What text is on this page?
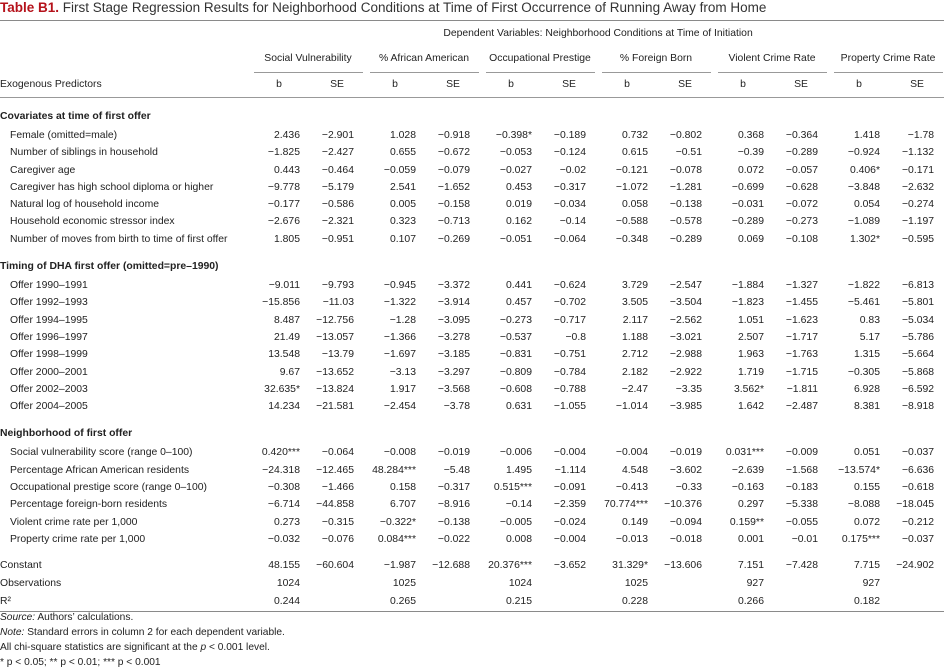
Table B1. First Stage Regression Results for Neighborhood Conditions at Time of First Occurrence of Running Away from Home
	Dependent Variables: Neighborhood Conditions at Time of Initiation											
	Social Vulnerability		% African American		Occupational Prestige		% Foreign Born		Violent Crime Rate		Property Crime Rate	
Exogenous Predictors	b	SE	b	SE	b	SE	b	SE	b	SE	b	SE

Covariates at time of first offer												
Female (omitted=male)	2.436	−2.901	1.028	−0.918	−0.398*	−0.189	0.732	−0.802	0.368	−0.364	1.418	−1.78
Number of siblings in household	−1.825	−2.427	0.655	−0.672	−0.053	−0.124	0.615	−0.51	−0.39	−0.289	−0.924	−1.132
Caregiver age	0.443	−0.464	−0.059	−0.079	−0.027	−0.02	−0.121	−0.078	0.072	−0.057	0.406*	−0.171
Caregiver has high school diploma or higher	−9.778	−5.179	2.541	−1.652	0.453	−0.317	−1.072	−1.281	−0.699	−0.628	−3.848	−2.632
Natural log of household income	−0.177	−0.586	0.005	−0.158	0.019	−0.034	0.058	−0.138	−0.031	−0.072	0.054	−0.274
Household economic stressor index	−2.676	−2.321	0.323	−0.713	0.162	−0.14	−0.588	−0.578	−0.289	−0.273	−1.089	−1.197
Number of moves from birth to time of first offer	1.805	−0.951	0.107	−0.269	−0.051	−0.064	−0.348	−0.289	0.069	−0.108	1.302*	−0.595

Timing of DHA first offer (omitted=pre–1990)												
Offer 1990–1991	−9.011	−9.793	−0.945	−3.372	0.441	−0.624	3.729	−2.547	−1.884	−1.327	−1.822	−6.813
Offer 1992–1993	−15.856	−11.03	−1.322	−3.914	0.457	−0.702	3.505	−3.504	−1.823	−1.455	−5.461	−5.801
Offer 1994–1995	8.487	−12.756	−1.28	−3.095	−0.273	−0.717	2.117	−2.562	1.051	−1.623	0.83	−5.034
Offer 1996–1997	21.49	−13.057	−1.366	−3.278	−0.537	−0.8	1.188	−3.021	2.507	−1.717	5.17	−5.786
Offer 1998–1999	13.548	−13.79	−1.697	−3.185	−0.831	−0.751	2.712	−2.988	1.963	−1.763	1.315	−5.664
Offer 2000–2001	9.67	−13.652	−3.13	−3.297	−0.809	−0.784	2.182	−2.922	1.719	−1.715	−0.305	−5.868
Offer 2002–2003	32.635*	−13.824	1.917	−3.568	−0.608	−0.788	−2.47	−3.35	3.562*	−1.811	6.928	−6.592
Offer 2004–2005	14.234	−21.581	−2.454	−3.78	0.631	−1.055	−1.014	−3.985	1.642	−2.487	8.381	−8.918

Neighborhood of first offer												
Social vulnerability score (range 0–100)	0.420***	−0.064	−0.008	−0.019	−0.006	−0.004	−0.004	−0.019	0.031***	−0.009	0.051	−0.037
Percentage African American residents	−24.318	−12.465	48.284***	−5.48	1.495	−1.114	4.548	−3.602	−2.639	−1.568	−13.574*	−6.636
Occupational prestige score (range 0–100)	−0.308	−1.466	0.158	−0.317	0.515***	−0.091	−0.413	−0.33	−0.163	−0.183	0.155	−0.618
Percentage foreign-born residents	−6.714	−44.858	6.707	−8.916	−0.14	−2.359	70.774***	−10.376	0.297	−5.338	−8.088	−18.045
Violent crime rate per 1,000	0.273	−0.315	−0.322*	−0.138	−0.005	−0.024	0.149	−0.094	0.159**	−0.055	0.072	−0.212
Property crime rate per 1,000	−0.032	−0.076	0.084***	−0.022	0.008	−0.004	−0.013	−0.018	0.001	−0.01	0.175***	−0.037

Constant	48.155	−60.604	−1.987	−12.688	20.376***	−3.652	31.329*	−13.606	7.151	−7.428	7.715	−24.902
Observations	1024		1025		1024		1025		927		927	
R²	0.244		0.265		0.215		0.228		0.266		0.182	
Source: Authors’ calculations.
Note: Standard errors in column 2 for each dependent variable.
All chi-square statistics are significant at the p < 0.001 level.
* p < 0.05; ** p < 0.01; *** p < 0.001
